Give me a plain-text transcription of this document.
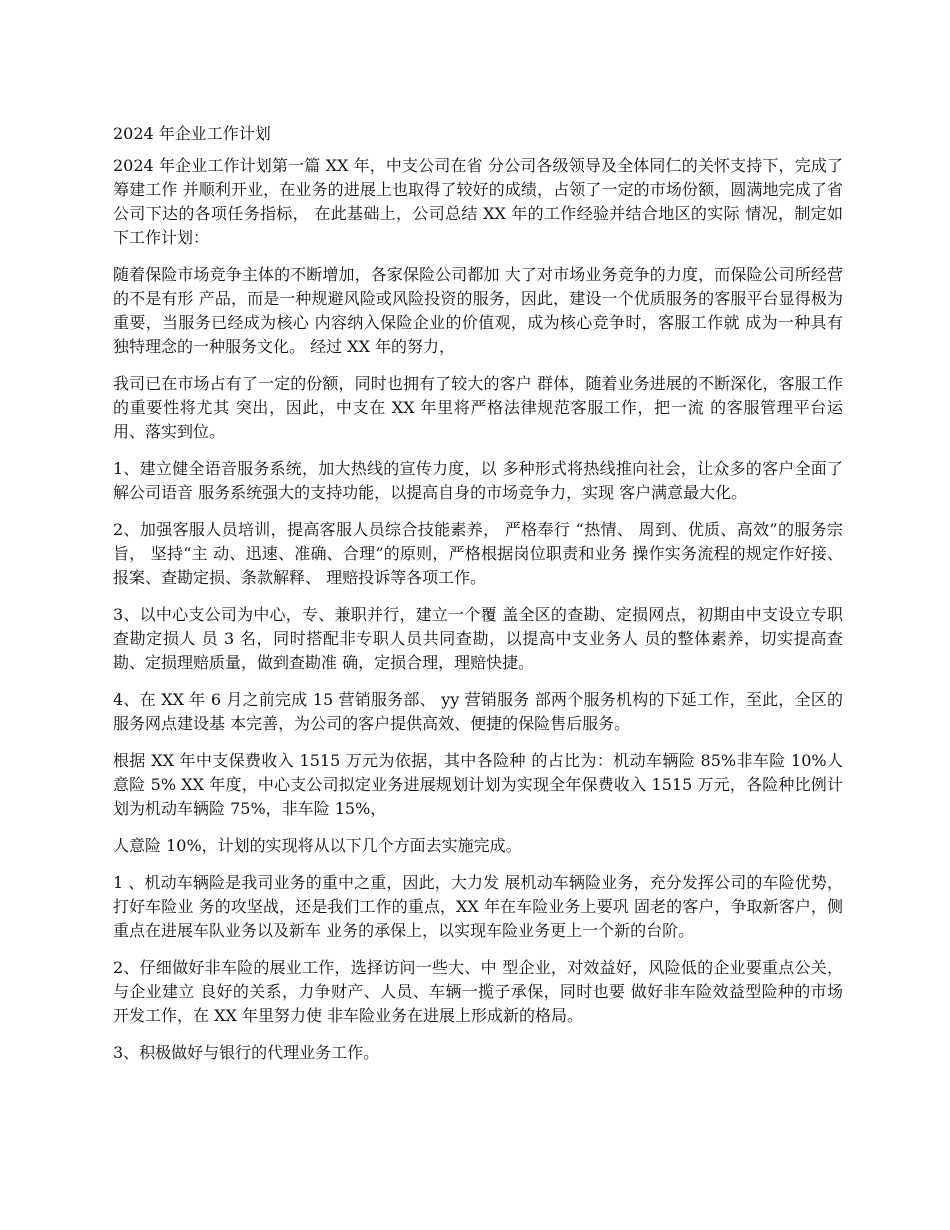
2024 年企业工作计划

2024 年企业工作计划第一篇 XX 年，中支公司在省 分公司各级领导及全体同仁的关怀支持下，完成了筹建工作 并顺利开业，在业务的进展上也取得了较好的成绩，占领了一定的市场份额，圆满地完成了省公司下达的各项任务指标， 在此基础上，公司总结 XX 年的工作经验并结合地区的实际 情况，制定如下工作计划：

随着保险市场竞争主体的不断增加，各家保险公司都加 大了对市场业务竞争的力度，而保险公司所经营的不是有形 产品，而是一种规避风险或风险投资的服务，因此，建设一个优质服务的客服平台显得极为重要，当服务已经成为核心 内容纳入保险企业的价值观，成为核心竞争时，客服工作就 成为一种具有独特理念的一种服务文化。 经过 XX 年的努力，

我司已在市场占有了一定的份额，同时也拥有了较大的客户 群体，随着业务进展的不断深化，客服工作的重要性将尤其 突出，因此，中支在 XX 年里将严格法律规范客服工作，把一流 的客服管理平台运用、落实到位。

1、建立健全语音服务系统，加大热线的宣传力度，以 多种形式将热线推向社会，让众多的客户全面了解公司语音 服务系统强大的支持功能，以提高自身的市场竞争力，实现 客户满意最大化。

2、加强客服人员培训，提高客服人员综合技能素养， 严格奉行 “热情、 周到、优质、高效”的服务宗旨， 坚持“主 动、迅速、准确、合理”的原则，严格根据岗位职责和业务 操作实务流程的规定作好接、报案、查勘定损、条款解释、 理赔投诉等各项工作。

3、以中心支公司为中心，专、兼职并行，建立一个覆 盖全区的查勘、定损网点，初期由中支设立专职查勘定损人 员 3 名，同时搭配非专职人员共同查勘，以提高中支业务人 员的整体素养，切实提高查勘、定损理赔质量，做到查勘准 确，定损合理，理赔快捷。

4、在 XX 年 6 月之前完成 15 营销服务部、 yy 营销服务 部两个服务机构的下延工作，至此，全区的服务网点建设基 本完善，为公司的客户提供高效、便捷的保险售后服务。

根据 XX 年中支保费收入 1515 万元为依据，其中各险种 的占比为：机动车辆险 85%非车险 10%人意险 5% XX 年度，中心支公司拟定业务进展规划计划为实现全年保费收入 1515 万元，各险种比例计划为机动车辆险 75%，非车险 15%，

人意险 10%，计划的实现将从以下几个方面去实施完成。

1 、机动车辆险是我司业务的重中之重，因此，大力发 展机动车辆险业务，充分发挥公司的车险优势，打好车险业 务的攻坚战，还是我们工作的重点，XX 年在车险业务上要巩 固老的客户，争取新客户，侧重点在进展车队业务以及新车 业务的承保上，以实现车险业务更上一个新的台阶。

2、仔细做好非车险的展业工作，选择访问一些大、中 型企业，对效益好，风险低的企业要重点公关，与企业建立 良好的关系，力争财产、人员、车辆一揽子承保，同时也要 做好非车险效益型险种的市场开发工作，在 XX 年里努力使 非车险业务在进展上形成新的格局。

3、积极做好与银行的代理业务工作。
